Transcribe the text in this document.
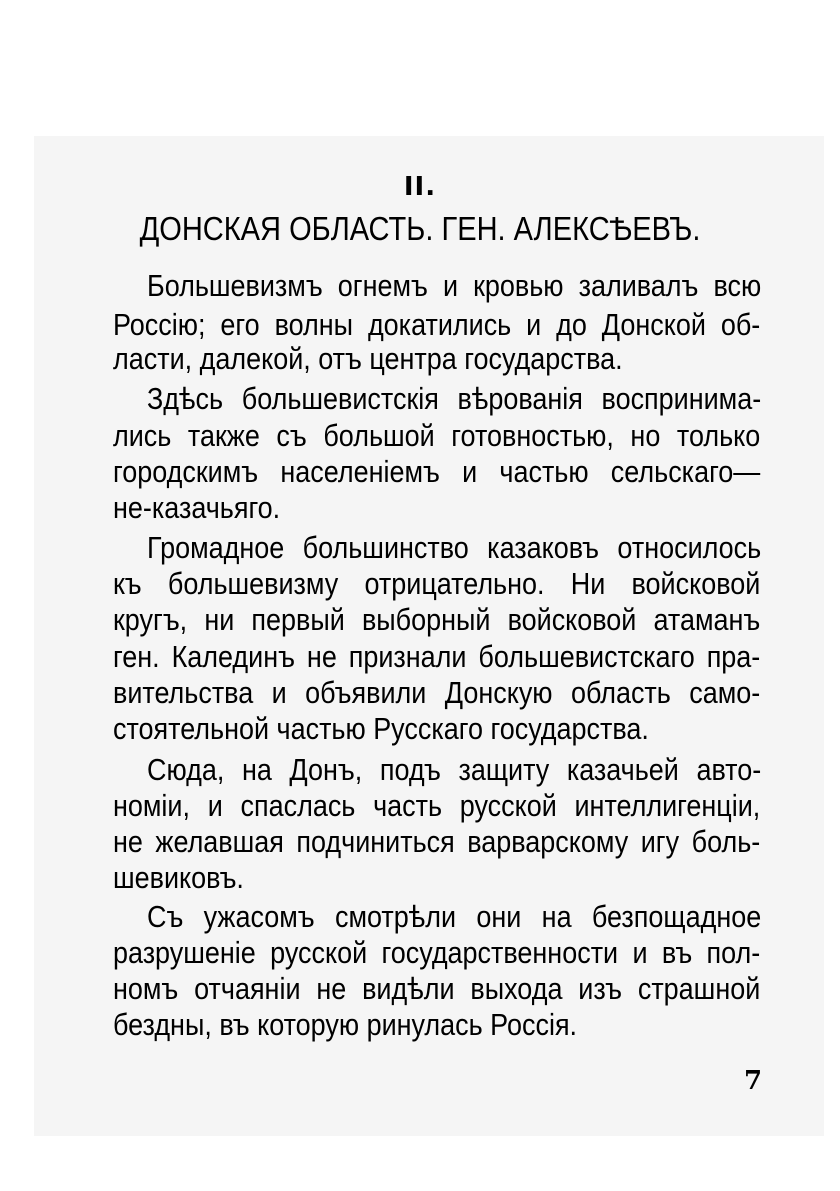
II.
ДОНСКАЯ ОБЛАСТЬ. ГЕН. АЛЕКСѢЕВЪ.
Большевизмъ огнемъ и кровью заливалъ всю
Россію; его волны докатились и до Донской об-
ласти, далекой, отъ центра государства.
Здѣсь большевистскія вѣрованія воспринима-
лись также съ большой готовностью, но только
городскимъ населеніемъ и частью сельскаго—
не-казачьяго.
Громадное большинство казаковъ относилось
къ большевизму отрицательно. Ни войсковой
кругъ, ни первый выборный войсковой атаманъ
ген. Калединъ не признали большевистскаго пра-
вительства и объявили Донскую область само-
стоятельной частью Русскаго государства.
Сюда, на Донъ, подъ защиту казачьей авто-
номіи, и спаслась часть русской интеллигенціи,
не желавшая подчиниться варварскому игу боль-
шевиковъ.
Съ ужасомъ смотрѣли они на безпощадное
разрушеніе русской государственности и въ пол-
номъ отчаяніи не видѣли выхода изъ страшной
бездны, въ которую ринулась Россія.
7
